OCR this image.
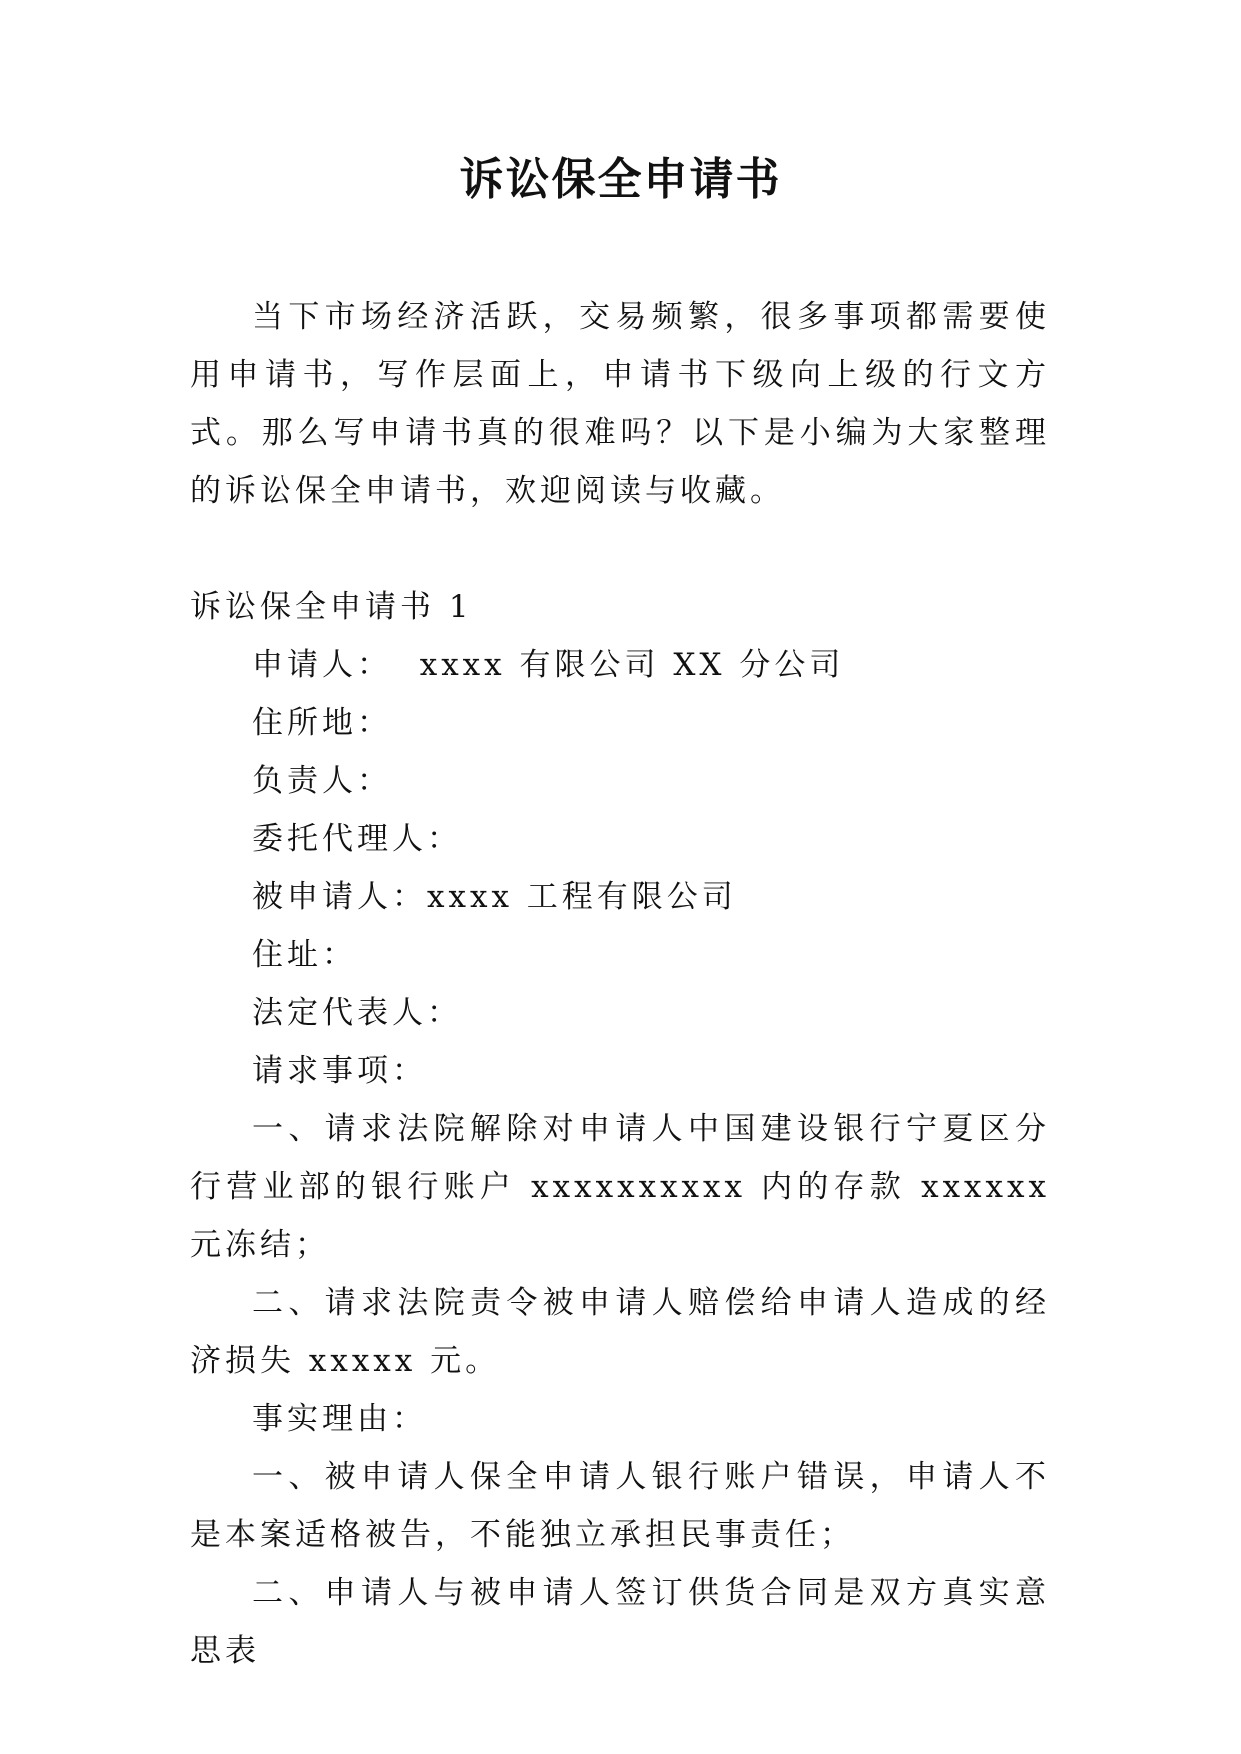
诉讼保全申请书

当下市场经济活跃，交易频繁，很多事项都需要使用申请书，写作层面上，申请书下级向上级的行文方式。那么写申请书真的很难吗？以下是小编为大家整理的诉讼保全申请书，欢迎阅读与收藏。

诉讼保全申请书 1

申请人：  xxxx 有限公司 XX 分公司

住所地：

负责人：

委托代理人：

被申请人：xxxx 工程有限公司

住址：

法定代表人：

请求事项：

一、请求法院解除对申请人中国建设银行宁夏区分行营业部的银行账户 xxxxxxxxxx 内的存款 xxxxxx 元冻结；

二、请求法院责令被申请人赔偿给申请人造成的经济损失 xxxxx 元。

事实理由：

一、被申请人保全申请人银行账户错误，申请人不是本案适格被告，不能独立承担民事责任；

二、申请人与被申请人签订供货合同是双方真实意思表
